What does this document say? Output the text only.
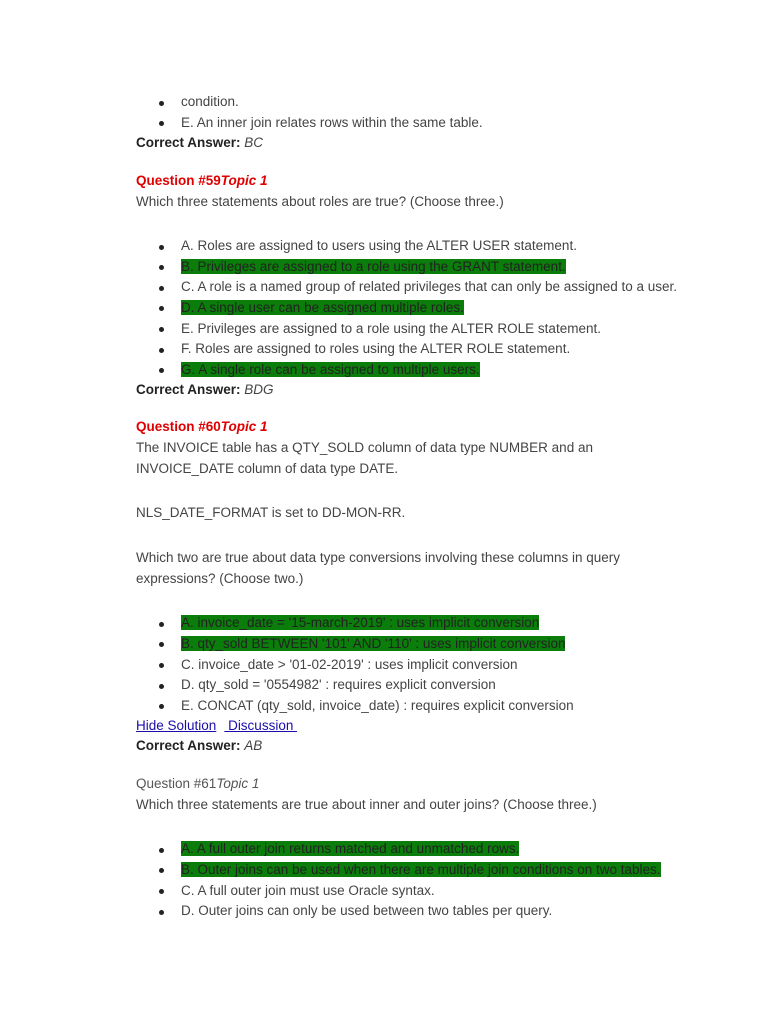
condition.
E. An inner join relates rows within the same table.
Correct Answer: BC
Question #59Topic 1
Which three statements about roles are true? (Choose three.)
A. Roles are assigned to users using the ALTER USER statement.
B. Privileges are assigned to a role using the GRANT statement.
C. A role is a named group of related privileges that can only be assigned to a user.
D. A single user can be assigned multiple roles.
E. Privileges are assigned to a role using the ALTER ROLE statement.
F. Roles are assigned to roles using the ALTER ROLE statement.
G. A single role can be assigned to multiple users.
Correct Answer: BDG
Question #60Topic 1
The INVOICE table has a QTY_SOLD column of data type NUMBER and an INVOICE_DATE column of data type DATE.
NLS_DATE_FORMAT is set to DD-MON-RR.
Which two are true about data type conversions involving these columns in query expressions? (Choose two.)
A. invoice_date = '15-march-2019' : uses implicit conversion
B. qty_sold BETWEEN '101' AND '110' : uses implicit conversion
C. invoice_date > '01-02-2019' : uses implicit conversion
D. qty_sold = '0554982' : requires explicit conversion
E. CONCAT (qty_sold, invoice_date) : requires explicit conversion
Hide Solution Discussion
Correct Answer: AB
Question #61Topic 1
Which three statements are true about inner and outer joins? (Choose three.)
A. A full outer join returns matched and unmatched rows.
B. Outer joins can be used when there are multiple join conditions on two tables.
C. A full outer join must use Oracle syntax.
D. Outer joins can only be used between two tables per query.
